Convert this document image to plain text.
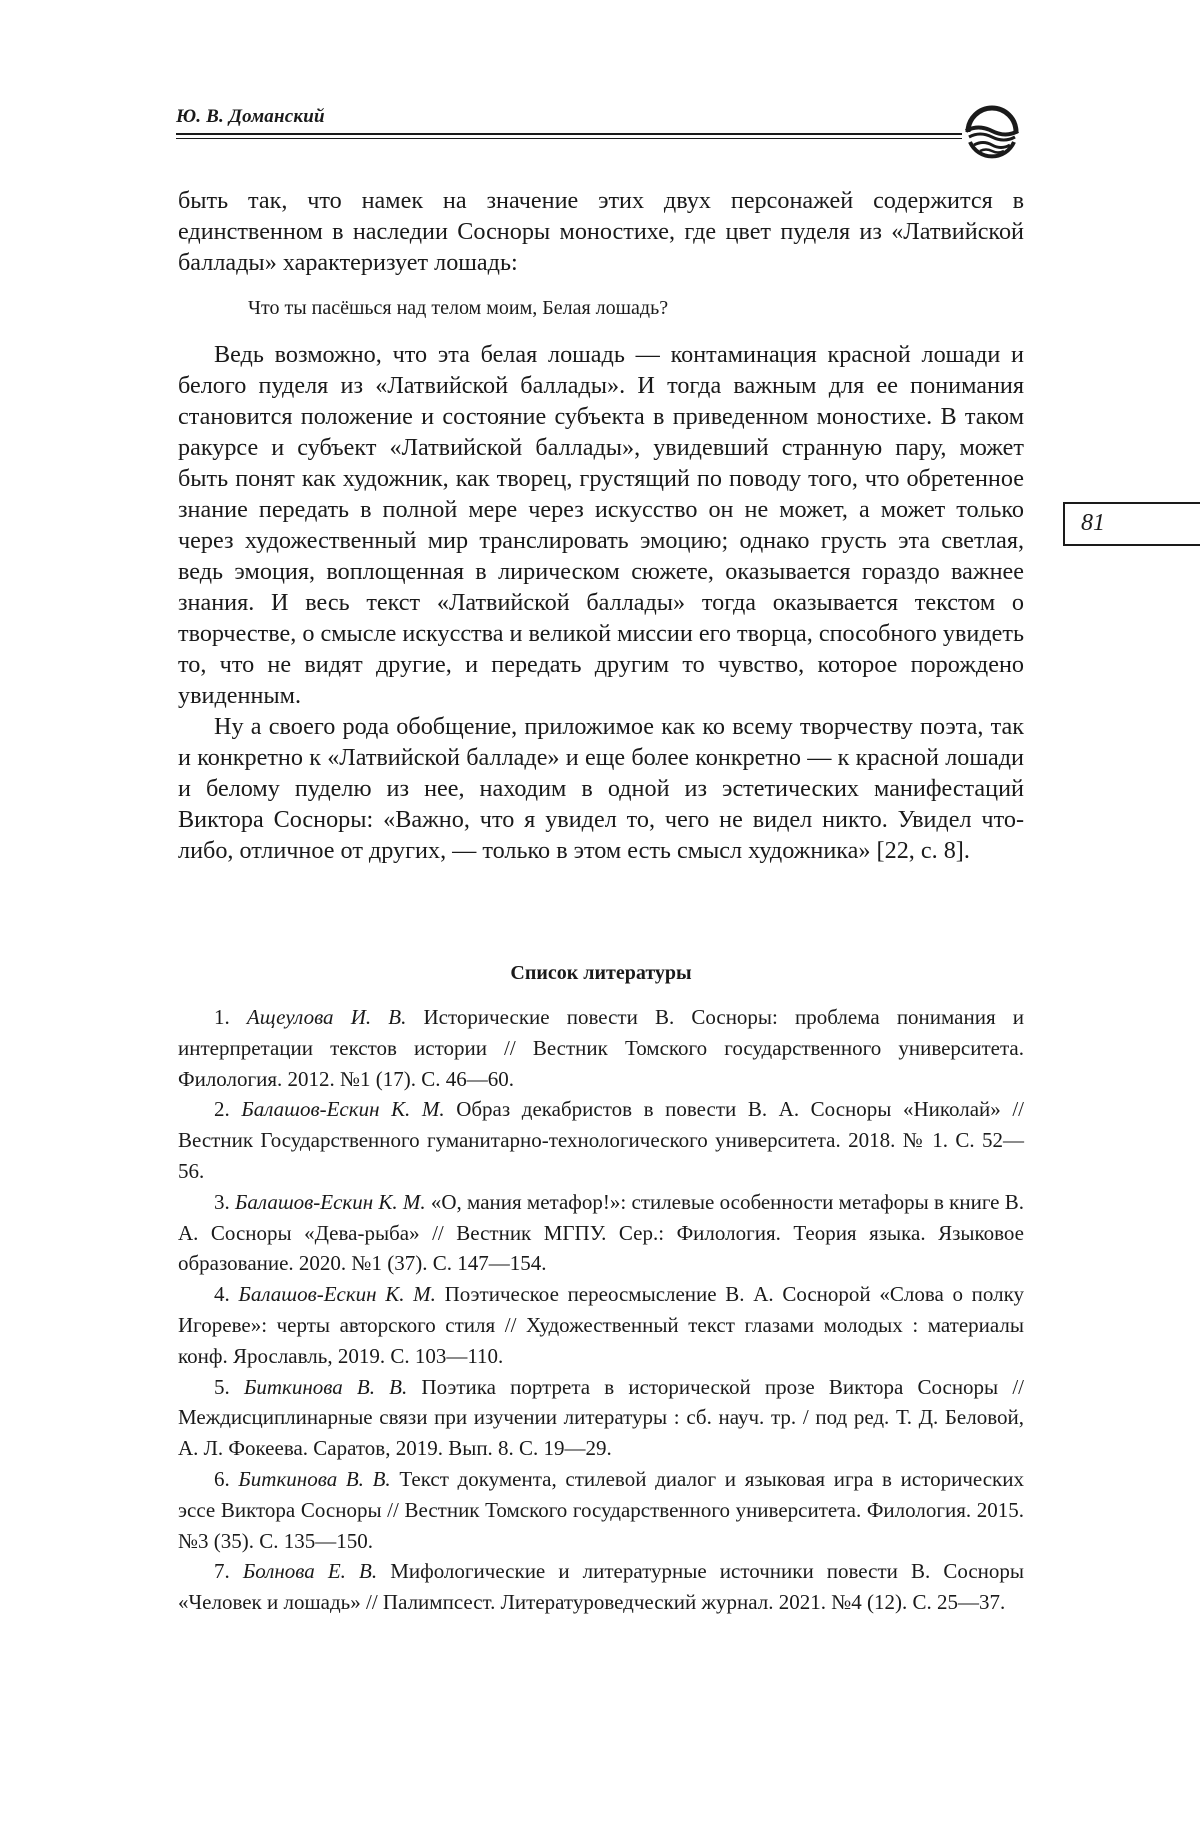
Ю. В. Доманский

быть так, что намек на значение этих двух персонажей содержится в единственном в наследии Сосноры моностихе, где цвет пуделя из «Латвийской баллады» характеризует лошадь:

Что ты пасёшься над телом моим, Белая лошадь?

Ведь возможно, что эта белая лошадь — контаминация красной лошади и белого пуделя из «Латвийской баллады». И тогда важным для ее понимания становится положение и состояние субъекта в приведенном моностихе. В таком ракурсе и субъект «Латвийской баллады», увидевший странную пару, может быть понят как художник, как творец, грустящий по поводу того, что обретенное знание передать в полной мере через искусство он не может, а может только через художественный мир транслировать эмоцию; однако грусть эта светлая, ведь эмоция, воплощенная в лирическом сюжете, оказывается гораздо важнее знания. И весь текст «Латвийской баллады» тогда оказывается текстом о творчестве, о смысле искусства и великой миссии его творца, способного увидеть то, что не видят другие, и передать другим то чувство, которое порождено увиденным.

Ну а своего рода обобщение, приложимое как ко всему творчеству поэта, так и конкретно к «Латвийской балладе» и еще более конкретно — к красной лошади и белому пуделю из нее, находим в одной из эстетических манифестаций Виктора Сосноры: «Важно, что я увидел то, чего не видел никто. Увидел что-либо, отличное от других, — только в этом есть смысл художника» [22, с. 8].

81
Список литературы

1. Ащеулова И. В. Исторические повести В. Сосноры: проблема понимания и интерпретации текстов истории // Вестник Томского государственного университета. Филология. 2012. №1 (17). С. 46—60.

2. Балашов-Ескин К. М. Образ декабристов в повести В. А. Сосноры «Николай» // Вестник Государственного гуманитарно-технологического университета. 2018. № 1. С. 52—56.

3. Балашов-Ескин К. М. «О, мания метафор!»: стилевые особенности метафоры в книге В. А. Сосноры «Дева-рыба» // Вестник МГПУ. Сер.: Филология. Теория языка. Языковое образование. 2020. №1 (37). С. 147—154.

4. Балашов-Ескин К. М. Поэтическое переосмысление В. А. Соснорой «Слова о полку Игореве»: черты авторского стиля // Художественный текст глазами молодых : материалы конф. Ярославль, 2019. С. 103—110.

5. Биткинова В. В. Поэтика портрета в исторической прозе Виктора Сосноры // Междисциплинарные связи при изучении литературы : сб. науч. тр. / под ред. Т. Д. Беловой, А. Л. Фокеева. Саратов, 2019. Вып. 8. С. 19—29.

6. Биткинова В. В. Текст документа, стилевой диалог и языковая игра в исторических эссе Виктора Сосноры // Вестник Томского государственного университета. Филология. 2015. №3 (35). С. 135—150.

7. Болнова Е. В. Мифологические и литературные источники повести В. Сосноры «Человек и лошадь» // Палимпсест. Литературоведческий журнал. 2021. №4 (12). С. 25—37.
